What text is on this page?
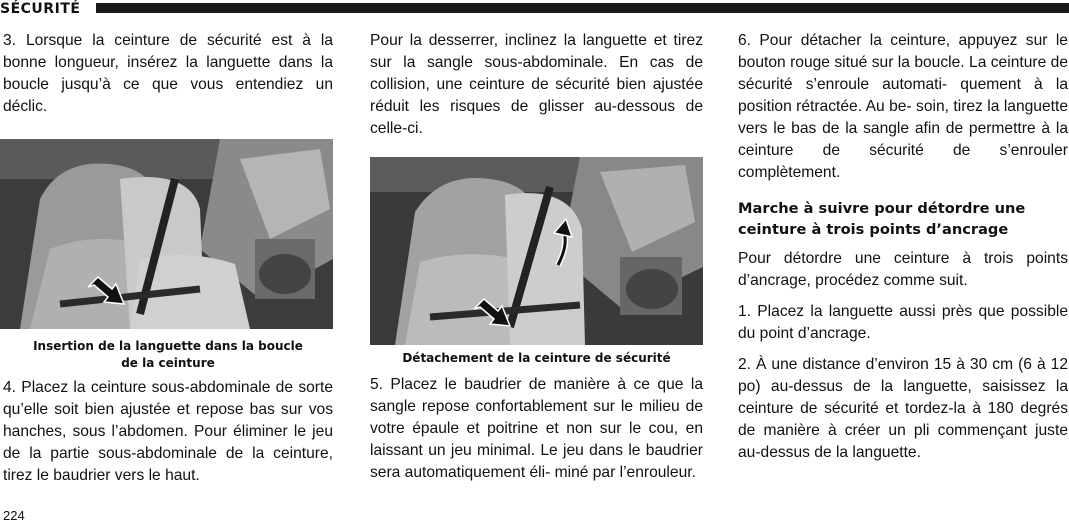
SÉCURITÉ

3. Lorsque la ceinture de sécurité est à la bonne longueur, insérez la languette dans la boucle jusqu’à ce que vous entendiez un déclic.

Insertion de la languette dans la boucle
de la ceinture

4. Placez la ceinture sous-abdominale de sorte qu’elle soit bien ajustée et repose bas sur vos hanches, sous l’abdomen. Pour éliminer le jeu de la partie sous-abdominale de la ceinture, tirez le baudrier vers le haut.

Pour la desserrer, inclinez la languette et tirez sur la sangle sous-abdominale. En cas de collision, une ceinture de sécurité bien ajustée réduit les risques de glisser au-dessous de celle-ci.

Détachement de la ceinture de sécurité

5. Placez le baudrier de manière à ce que la sangle repose confortablement sur le milieu de votre épaule et poitrine et non sur le cou, en laissant un jeu minimal. Le jeu dans le baudrier sera automatiquement éli- miné par l’enrouleur.

6. Pour détacher la ceinture, appuyez sur le bouton rouge situé sur la boucle. La ceinture de sécurité s’enroule automati- quement à la position rétractée. Au be- soin, tirez la languette vers le bas de la sangle afin de permettre à la ceinture de sécurité de s’enrouler complètement.

Marche à suivre pour détordre une
ceinture à trois points d’ancrage

Pour détordre une ceinture à trois points d’ancrage, procédez comme suit.

1. Placez la languette aussi près que possible du point d’ancrage.

2. À une distance d’environ 15 à 30 cm (6 à 12 po) au-dessus de la languette, saisissez la ceinture de sécurité et tordez-la à 180 degrés de manière à créer un pli commençant juste au-dessus de la languette.

224
